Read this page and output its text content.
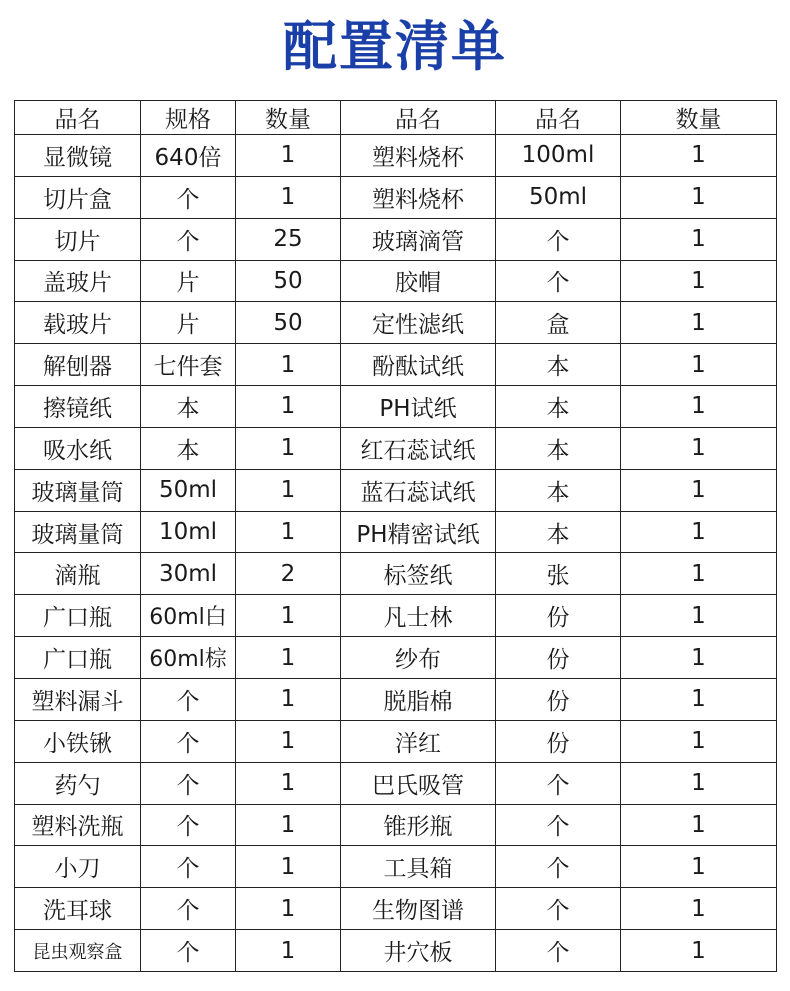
配置清单
品名	规格	数量	品名	品名	数量
显微镜	640倍	1	塑料烧杯	100ml	1
切片盒	个	1	塑料烧杯	50ml	1
切片	个	25	玻璃滴管	个	1
盖玻片	片	50	胶帽	个	1
载玻片	片	50	定性滤纸	盒	1
解刨器	七件套	1	酚酞试纸	本	1
擦镜纸	本	1	PH试纸	本	1
吸水纸	本	1	红石蕊试纸	本	1
玻璃量筒	50ml	1	蓝石蕊试纸	本	1
玻璃量筒	10ml	1	PH精密试纸	本	1
滴瓶	30ml	2	标签纸	张	1
广口瓶	60ml白	1	凡士林	份	1
广口瓶	60ml棕	1	纱布	份	1
塑料漏斗	个	1	脱脂棉	份	1
小铁锹	个	1	洋红	份	1
药勺	个	1	巴氏吸管	个	1
塑料洗瓶	个	1	锥形瓶	个	1
小刀	个	1	工具箱	个	1
洗耳球	个	1	生物图谱	个	1
昆虫观察盒	个	1	井穴板	个	1
